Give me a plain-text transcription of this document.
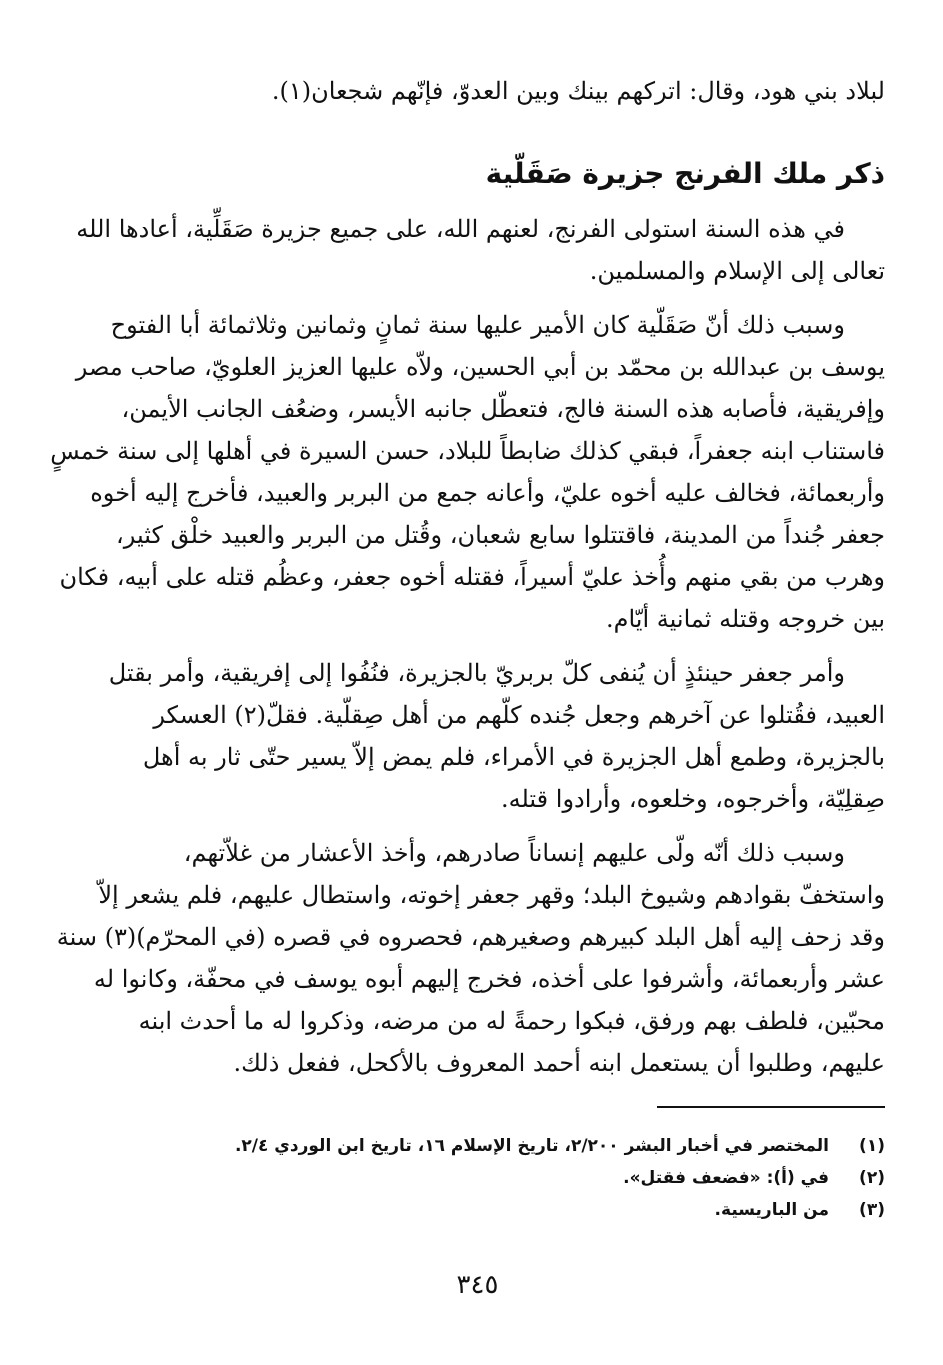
لبلاد بني هود، وقال: اتركهم بينك وبين العدوّ، فإنّهم شجعان(١).
ذكر ملك الفرنج جزيرة صَقَلّية
في هذه السنة استولى الفرنج، لعنهم الله، على جميع جزيرة صَقَلِّية، أعادها الله
تعالى إلى الإسلام والمسلمين.
وسبب ذلك أنّ صَقَلّية كان الأمير عليها سنة ثمانٍ وثمانين وثلاثمائة أبا الفتوح
يوسف بن عبدالله بن محمّد بن أبي الحسين، ولاّه عليها العزيز العلويّ، صاحب مصر
وإفريقية، فأصابه هذه السنة فالج، فتعطّل جانبه الأيسر، وضعُف الجانب الأيمن،
فاستناب ابنه جعفراً، فبقي كذلك ضابطاً للبلاد، حسن السيرة في أهلها إلى سنة خمسٍ
وأربعمائة، فخالف عليه أخوه عليّ، وأعانه جمع من البربر والعبيد، فأخرج إليه أخوه
جعفر جُنداً من المدينة، فاقتتلوا سابع شعبان، وقُتل من البربر والعبيد خلْق كثير،
وهرب من بقي منهم وأُخذ عليّ أسيراً، فقتله أخوه جعفر، وعظُم قتله على أبيه، فكان
بين خروجه وقتله ثمانية أيّام.
وأمر جعفر حينئذٍ أن يُنفى كلّ بربريّ بالجزيرة، فنُفُوا إلى إفريقية، وأمر بقتل
العبيد، فقُتلوا عن آخرهم وجعل جُنده كلّهم من أهل صِقلّية. فقلّ(٢) العسكر
بالجزيرة، وطمع أهل الجزيرة في الأمراء، فلم يمض إلاّ يسير حتّى ثار به أهل
صِقلِيّة، وأخرجوه، وخلعوه، وأرادوا قتله.
وسبب ذلك أنّه ولّى عليهم إنساناً صادرهم، وأخذ الأعشار من غلاّتهم،
واستخفّ بقوادهم وشيوخ البلد؛ وقهر جعفر إخوته، واستطال عليهم، فلم يشعر إلاّ
وقد زحف إليه أهل البلد كبيرهم وصغيرهم، فحصروه في قصره (في المحرّم)(٣) سنة
عشر وأربعمائة، وأشرفوا على أخذه، فخرج إليهم أبوه يوسف في محفّة، وكانوا له
محبّين، فلطف بهم ورفق، فبكوا رحمةً له من مرضه، وذكروا له ما أحدث ابنه
عليهم، وطلبوا أن يستعمل ابنه أحمد المعروف بالأكحل، ففعل ذلك.
(١)
المختصر في أخبار البشر ٢/٢٠٠، تاريخ الإسلام ١٦، تاريخ ابن الوردي ٢/٤.
(٢)
في (أ): «فضعف فقتل».
(٣)
من الباريسية.
٣٤٥
